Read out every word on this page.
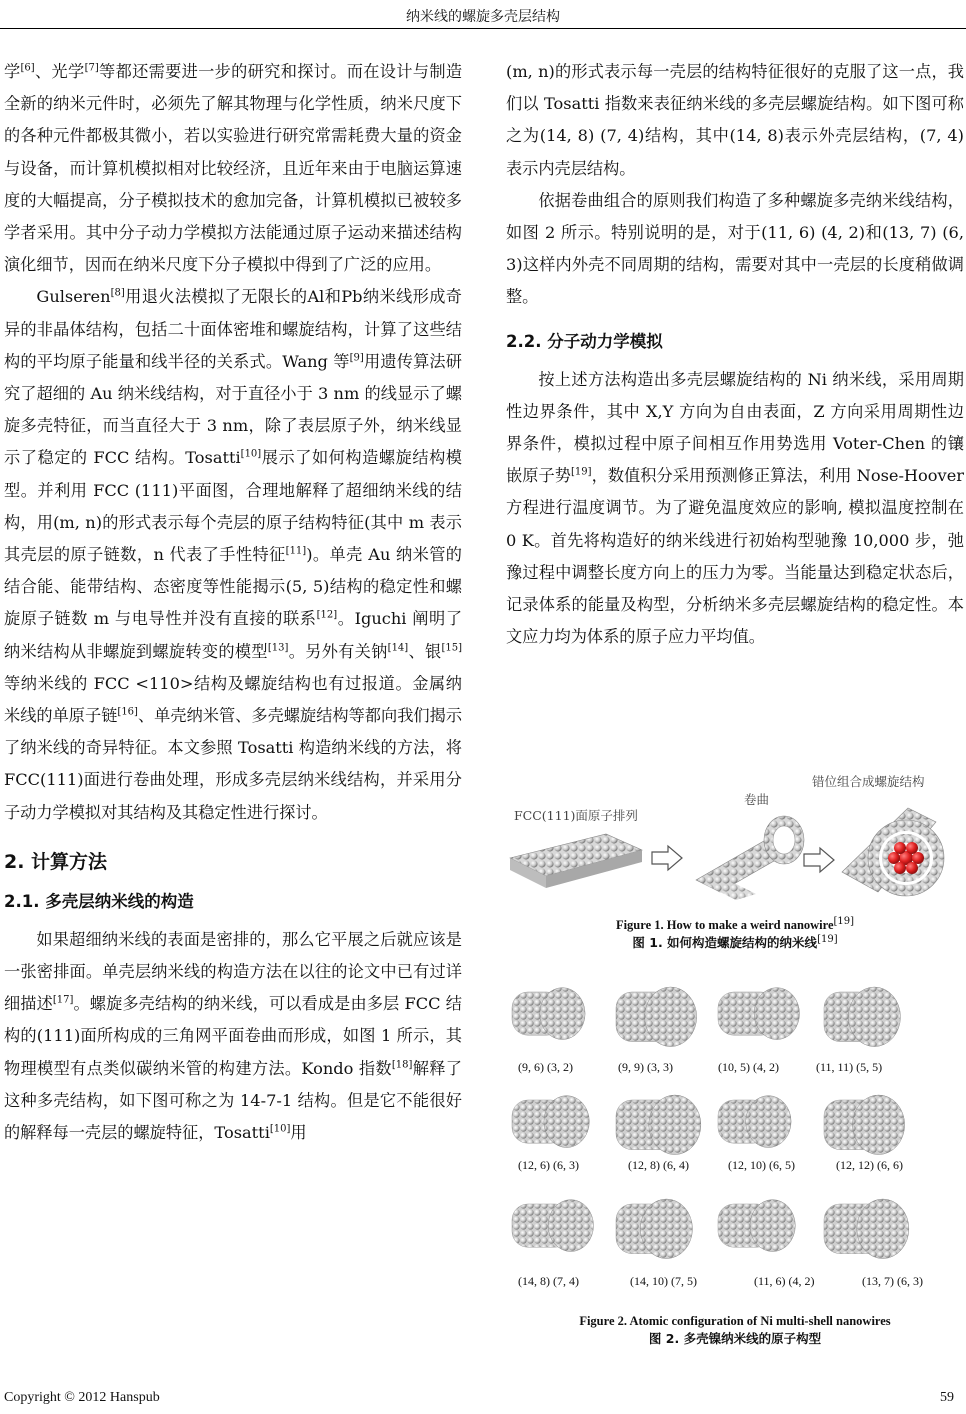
纳米线的螺旋多壳层结构

学[6]、光学[7]等都还需要进一步的研究和探讨。而在设计与制造全新的纳米元件时，必须先了解其物理与化学性质，纳米尺度下的各种元件都极其微小，若以实验进行研究常需耗费大量的资金与设备，而计算机模拟相对比较经济，且近年来由于电脑运算速度的大幅提高，分子模拟技术的愈加完备，计算机模拟已被较多学者采用。其中分子动力学模拟方法能通过原子运动来描述结构演化细节，因而在纳米尺度下分子模拟中得到了广泛的应用。

Gulseren[8]用退火法模拟了无限长的Al和Pb纳米线形成奇异的非晶体结构，包括二十面体密堆和螺旋结构，计算了这些结构的平均原子能量和线半径的关系式。Wang 等[9]用遗传算法研究了超细的 Au 纳米线结构，对于直径小于 3 nm 的线显示了螺旋多壳特征，而当直径大于 3 nm，除了表层原子外，纳米线显示了稳定的 FCC 结构。Tosatti[10]展示了如何构造螺旋结构模型。并利用 FCC (111)平面图，合理地解释了超细纳米线的结构，用(m, n)的形式表示每个壳层的原子结构特征(其中 m 表示其壳层的原子链数，n 代表了手性特征[11])。单壳 Au 纳米管的结合能、能带结构、态密度等性能揭示(5, 5)结构的稳定性和螺旋原子链数 m 与电导性并没有直接的联系[12]。Iguchi 阐明了纳米结构从非螺旋到螺旋转变的模型[13]。另外有关钠[14]、银[15]等纳米线的 FCC <110>结构及螺旋结构也有过报道。金属纳米线的单原子链[16]、单壳纳米管、多壳螺旋结构等都向我们揭示了纳米线的奇异特征。本文参照 Tosatti 构造纳米线的方法，将 FCC(111)面进行卷曲处理，形成多壳层纳米线结构，并采用分子动力学模拟对其结构及其稳定性进行探讨。

2. 计算方法
2.1. 多壳层纳米线的构造

如果超细纳米线的表面是密排的，那么它平展之后就应该是一张密排面。单壳层纳米线的构造方法在以往的论文中已有过详细描述[17]。螺旋多壳结构的纳米线，可以看成是由多层 FCC 结构的(111)面所构成的三角网平面卷曲而形成，如图 1 所示，其物理模型有点类似碳纳米管的构建方法。Kondo 指数[18]解释了这种多壳结构，如下图可称之为 14-7-1 结构。但是它不能很好的解释每一壳层的螺旋特征，Tosatti[10]用

(m, n)的形式表示每一壳层的结构特征很好的克服了这一点，我们以 Tosatti 指数来表征纳米线的多壳层螺旋结构。如下图可称之为(14, 8) (7, 4)结构，其中(14, 8)表示外壳层结构，(7, 4)表示内壳层结构。

依据卷曲组合的原则我们构造了多种螺旋多壳纳米线结构，如图 2 所示。特别说明的是，对于(11, 6) (4, 2)和(13, 7) (6, 3)这样内外壳不同周期的结构，需要对其中一壳层的长度稍做调整。

2.2. 分子动力学模拟

按上述方法构造出多壳层螺旋结构的 Ni 纳米线，采用周期性边界条件，其中 X,Y 方向为自由表面，Z 方向采用周期性边界条件，模拟过程中原子间相互作用势选用 Voter-Chen 的镶嵌原子势[19]，数值积分采用预测修正算法，利用 Nose-Hoover 方程进行温度调节。为了避免温度效应的影响, 模拟温度控制在 0 K。首先将构造好的纳米线进行初始构型驰豫 10,000 步，弛豫过程中调整长度方向上的压力为零。当能量达到稳定状态后，记录体系的能量及构型，分析纳米多壳层螺旋结构的稳定性。本文应力均为体系的原子应力平均值。

FCC(111)面原子排列
卷曲
错位组合成螺旋结构
Figure 1. How to make a weird nanowire[19]
图 1. 如何构造螺旋结构的纳米线[19]
(9, 6) (3, 2)	(9, 9) (3, 3)	(10, 5) (4, 2)	(11, 11) (5, 5)
(12, 6) (6, 3)	(12, 8) (6, 4)	(12, 10) (6, 5)	(12, 12) (6, 6)
(14, 8) (7, 4)	(14, 10) (7, 5)	(11, 6) (4, 2)	(13, 7) (6, 3)
Figure 2. Atomic configuration of Ni multi-shell nanowires
图 2. 多壳镍纳米线的原子构型
Copyright © 2012 Hanspub	59
